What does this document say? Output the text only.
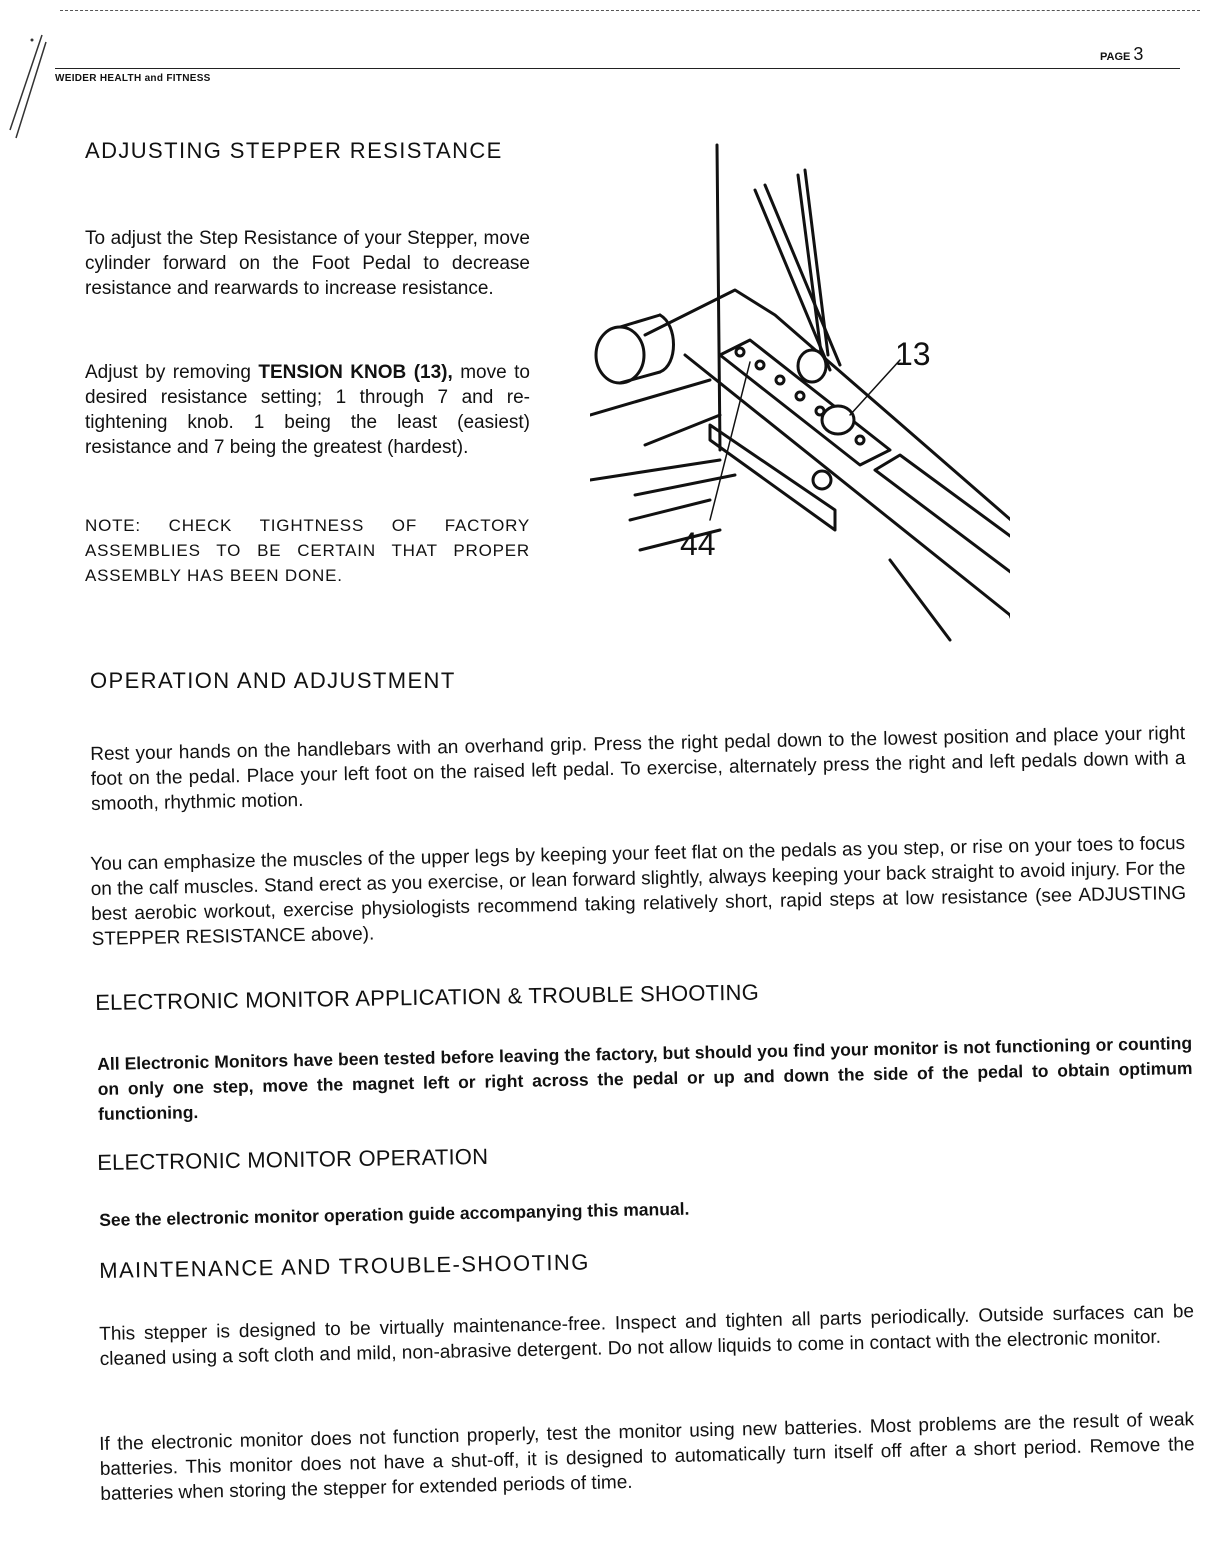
WEIDER HEALTH and FITNESS
PAGE 3
ADJUSTING STEPPER RESISTANCE

To adjust the Step Resistance of your Stepper, move cylinder forward on the Foot Pedal to decrease resistance and rearwards to increase resistance.

Adjust by removing TENSION KNOB (13), move to desired resistance setting; 1 through 7 and re-tightening knob. 1 being the least (easiest) resistance and 7 being the greatest (hardest).

NOTE: CHECK TIGHTNESS OF FACTORY ASSEMBLIES TO BE CERTAIN THAT PROPER ASSEMBLY HAS BEEN DONE.

13
44
OPERATION AND ADJUSTMENT

Rest your hands on the handlebars with an overhand grip. Press the right pedal down to the lowest position and place your right foot on the pedal. Place your left foot on the raised left pedal. To exercise, alternately press the right and left pedals down with a smooth, rhythmic motion.

You can emphasize the muscles of the upper legs by keeping your feet flat on the pedals as you step, or rise on your toes to focus on the calf muscles. Stand erect as you exercise, or lean forward slightly, always keeping your back straight to avoid injury. For the best aerobic workout, exercise physiologists recommend taking relatively short, rapid steps at low resistance (see ADJUSTING STEPPER RESISTANCE above).

ELECTRONIC MONITOR APPLICATION & TROUBLE SHOOTING

All Electronic Monitors have been tested before leaving the factory, but should you find your monitor is not functioning or counting on only one step, move the magnet left or right across the pedal or up and down the side of the pedal to obtain optimum functioning.

ELECTRONIC MONITOR OPERATION

See the electronic monitor operation guide accompanying this manual.

MAINTENANCE AND TROUBLE-SHOOTING

This stepper is designed to be virtually maintenance-free. Inspect and tighten all parts periodically. Outside surfaces can be cleaned using a soft cloth and mild, non-abrasive detergent. Do not allow liquids to come in contact with the electronic monitor.

If the electronic monitor does not function properly, test the monitor using new batteries. Most problems are the result of weak batteries. This monitor does not have a shut-off, it is designed to automatically turn itself off after a short period. Remove the batteries when storing the stepper for extended periods of time.
